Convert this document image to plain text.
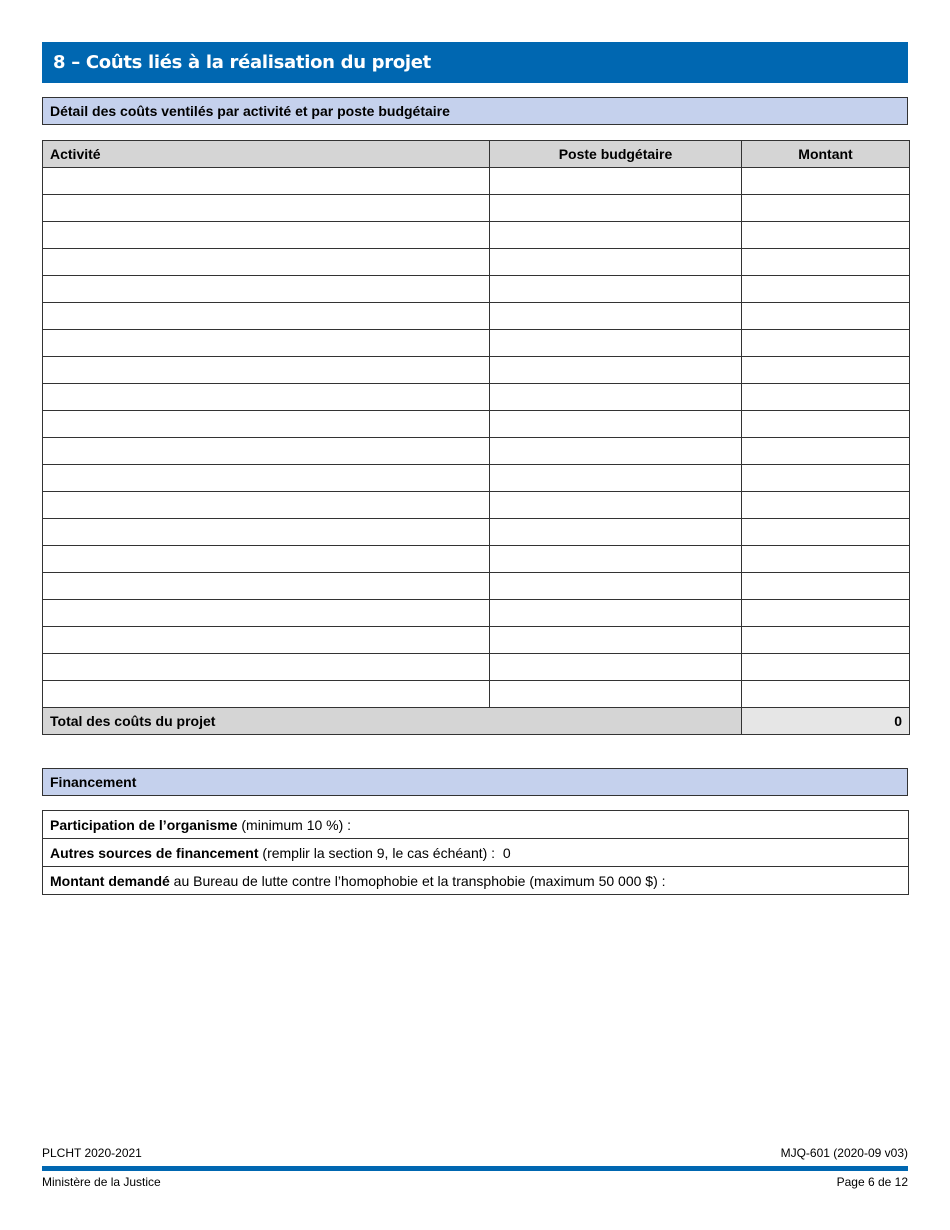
8 – Coûts liés à la réalisation du projet
Détail des coûts ventilés par activité et par poste budgétaire
Activité	Poste budgétaire	Montant

Total des coûts du projet		0
Financement
Participation de l’organisme (minimum 10 %) :
Autres sources de financement (remplir la section 9, le cas échéant) : 0
Montant demandé au Bureau de lutte contre l’homophobie et la transphobie (maximum 50 000 $) :
PLCHT 2020-2021	MJQ-601 (2020-09 v03)
Ministère de la Justice	Page 6 de 12
